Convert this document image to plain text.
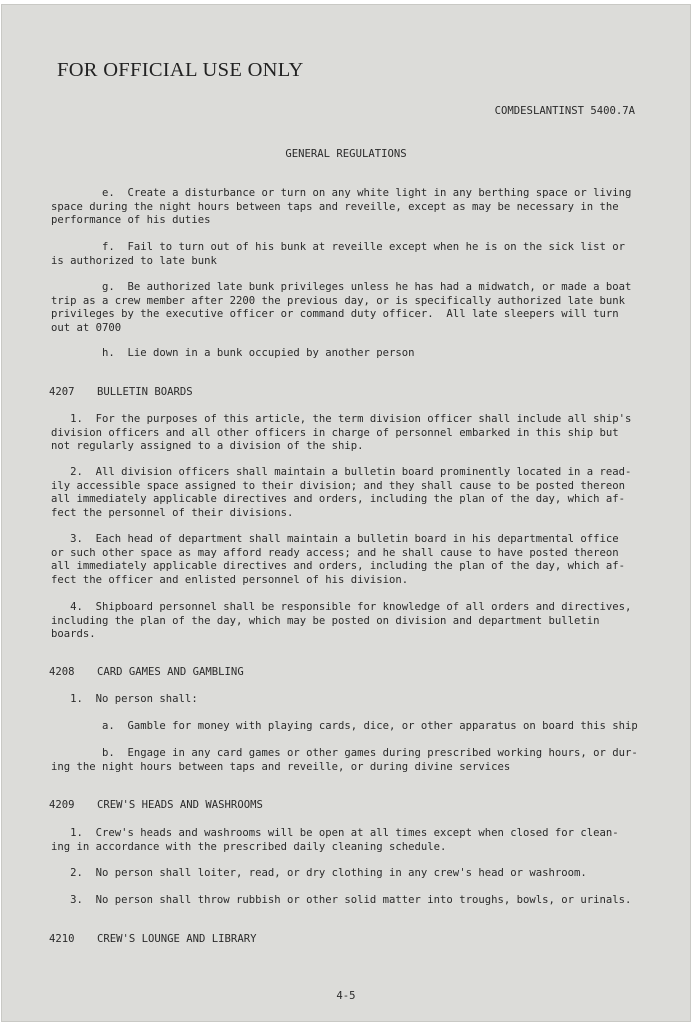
FOR OFFICIAL USE ONLY
COMDESLANTINST 5400.7A
GENERAL REGULATIONS
e.  Create a disturbance or turn on any white light in any berthing space or living
space during the night hours between taps and reveille, except as may be necessary in the
performance of his duties
f.  Fail to turn out of his bunk at reveille except when he is on the sick list or
is authorized to late bunk
g.  Be authorized late bunk privileges unless he has had a midwatch, or made a boat
trip as a crew member after 2200 the previous day, or is specifically authorized late bunk
privileges by the executive officer or command duty officer.  All late sleepers will turn
out at 0700
h.  Lie down in a bunk occupied by another person
4207 BULLETIN BOARDS
1.  For the purposes of this article, the term division officer shall include all ship's
division officers and all other officers in charge of personnel embarked in this ship but
not regularly assigned to a division of the ship.
2.  All division officers shall maintain a bulletin board prominently located in a read-
ily accessible space assigned to their division; and they shall cause to be posted thereon
all immediately applicable directives and orders, including the plan of the day, which af-
fect the personnel of their divisions.
3.  Each head of department shall maintain a bulletin board in his departmental office
or such other space as may afford ready access; and he shall cause to have posted thereon
all immediately applicable directives and orders, including the plan of the day, which af-
fect the officer and enlisted personnel of his division.
4.  Shipboard personnel shall be responsible for knowledge of all orders and directives,
including the plan of the day, which may be posted on division and department bulletin
boards.
4208 CARD GAMES AND GAMBLING
1.  No person shall:
a.  Gamble for money with playing cards, dice, or other apparatus on board this ship
b.  Engage in any card games or other games during prescribed working hours, or dur-
ing the night hours between taps and reveille, or during divine services
4209 CREW'S HEADS AND WASHROOMS
1.  Crew's heads and washrooms will be open at all times except when closed for clean-
ing in accordance with the prescribed daily cleaning schedule.
2.  No person shall loiter, read, or dry clothing in any crew's head or washroom.
3.  No person shall throw rubbish or other solid matter into troughs, bowls, or urinals.
4210 CREW'S LOUNGE AND LIBRARY
4-5
